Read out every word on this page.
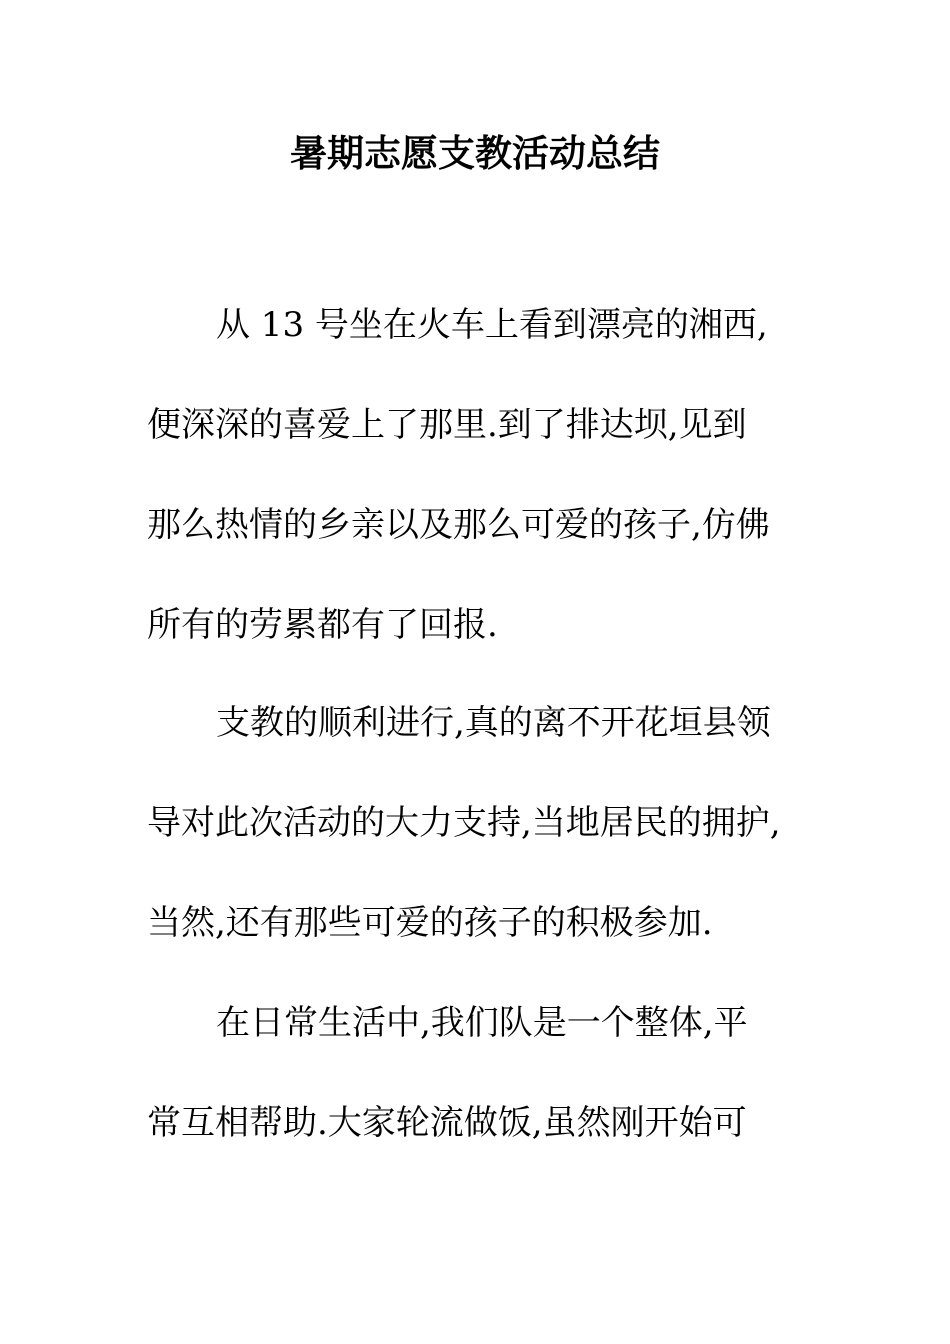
暑期志愿支教活动总结
从 13 号坐在火车上看到漂亮的湘西,
便深深的喜爱上了那里.到了排达坝,见到
那么热情的乡亲以及那么可爱的孩子,仿佛
所有的劳累都有了回报.
支教的顺利进行,真的离不开花垣县领
导对此次活动的大力支持,当地居民的拥护,
当然,还有那些可爱的孩子的积极参加.
在日常生活中,我们队是一个整体,平
常互相帮助.大家轮流做饭,虽然刚开始可
